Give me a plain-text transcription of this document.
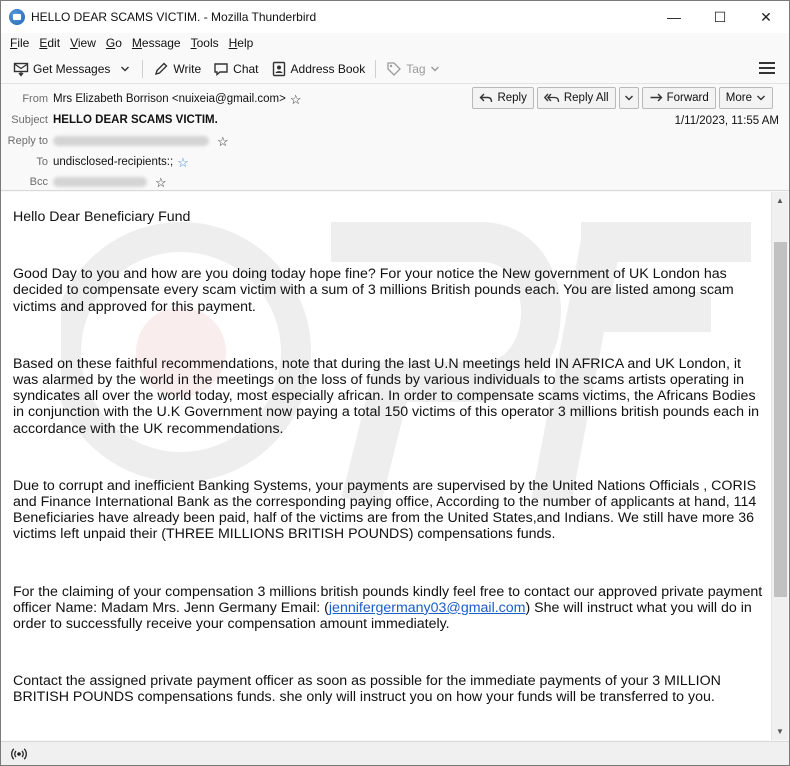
HELLO DEAR SCAMS VICTIM. - Mozilla Thunderbird	—	☐	✕
File Edit View Go Message Tools Help
Get Messages	Write	Chat	Address Book	Tag
From Mrs Elizabeth Borrison <nuixeia@gmail.com> ☆	Reply	Reply All	Forward More
Subject HELLO DEAR SCAMS VICTIM.	1/11/2023, 11:55 AM
Reply to	☆
To undisclosed-recipients:; ☆
Bcc	☆

Hello Dear Beneficiary Fund

Good Day to you and how are you doing today hope fine? For your notice the New government of UK London has decided to compensate every scam victim with a sum of 3 millions British pounds each. You are listed among scam victims and approved for this payment.

Based on these faithful recommendations, note that during the last U.N meetings held IN AFRICA and UK London, it was alarmed by the world in the meetings on the loss of funds by various individuals to the scams artists operating in syndicates all over the world today, most especially african. In order to compensate scams victims, the Africans Bodies in conjunction with the U.K Government now paying a total 150 victims of this operator 3 millions british pounds each in accordance with the UK recommendations.

Due to corrupt and inefficient Banking Systems, your payments are supervised by the United Nations Officials , CORIS and Finance International Bank as the corresponding paying office, According to the number of applicants at hand, 114 Beneficiaries have already been paid, half of the victims are from the United States,and Indians. We still have more 36 victims left unpaid their (THREE MILLIONS BRITISH POUNDS) compensations funds.

For the claiming of your compensation 3 millions british pounds kindly feel free to contact our approved private payment officer Name: Madam Mrs. Jenn Germany Email: (jennifergermany03@gmail.com) She will instruct what you will do in order to successfully receive your compensation amount immediately.

Contact the assigned private payment officer as soon as possible for the immediate payments of your 3 MILLION BRITISH POUNDS compensations funds. she only will instruct you on how your funds will be transferred to you.

▲
▼
